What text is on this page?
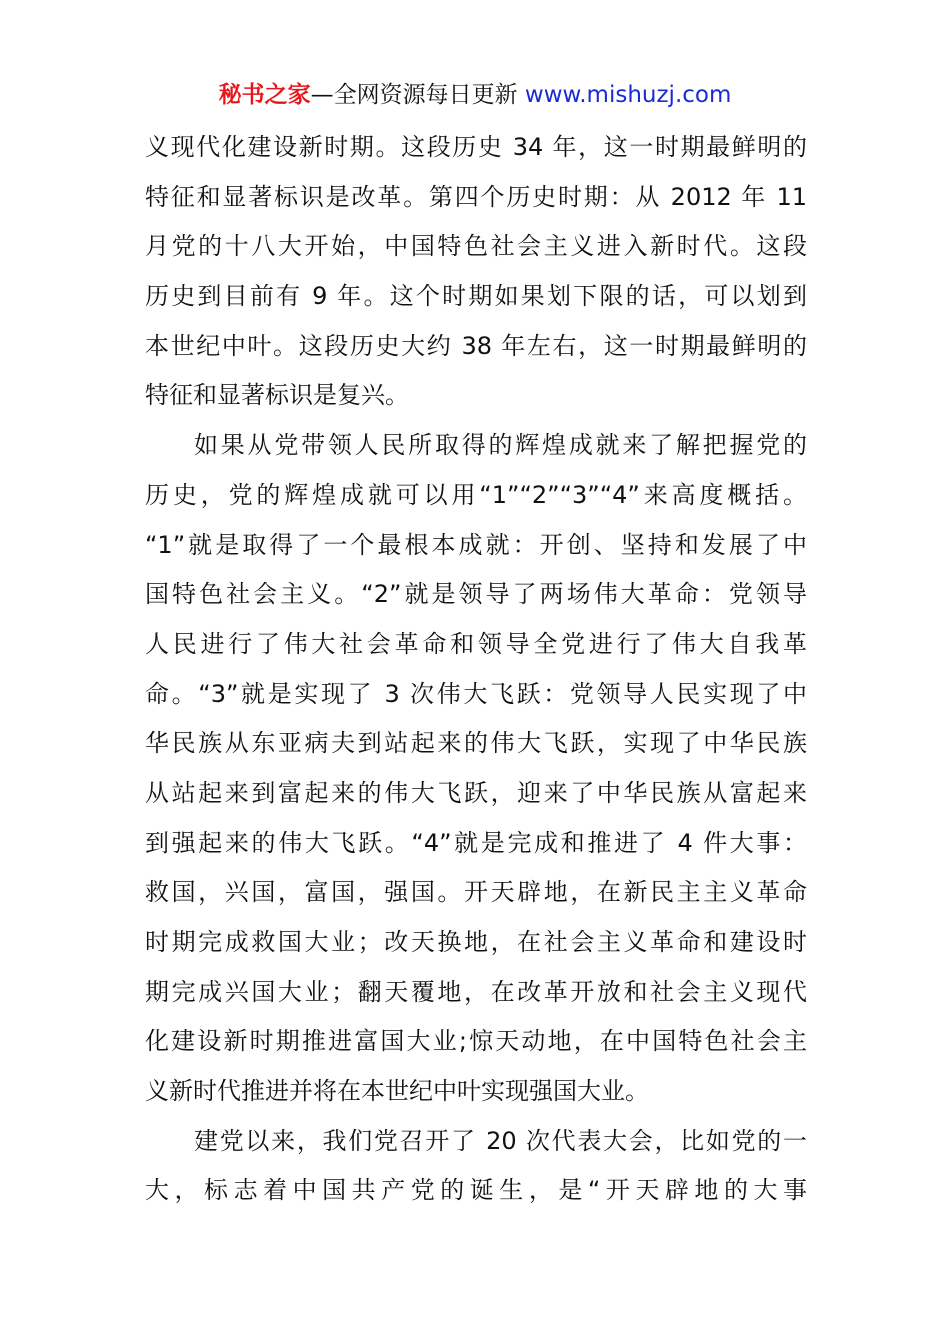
秘书之家—全网资源每日更新 www.mishuzj.com
义现代化建设新时期。这段历史 34 年，这一时期最鲜明的
特征和显著标识是改革。第四个历史时期：从 2012 年 11
月党的十八大开始，中国特色社会主义进入新时代。这段
历史到目前有 9 年。这个时期如果划下限的话，可以划到
本世纪中叶。这段历史大约 38 年左右，这一时期最鲜明的
特征和显著标识是复兴。
如果从党带领人民所取得的辉煌成就来了解把握党的
历史，党的辉煌成就可以用“1”“2”“3”“4”来高度概括。
“1”就是取得了一个最根本成就：开创、坚持和发展了中
国特色社会主义。“2”就是领导了两场伟大革命：党领导
人民进行了伟大社会革命和领导全党进行了伟大自我革
命。“3”就是实现了 3 次伟大飞跃：党领导人民实现了中
华民族从东亚病夫到站起来的伟大飞跃，实现了中华民族
从站起来到富起来的伟大飞跃，迎来了中华民族从富起来
到强起来的伟大飞跃。“4”就是完成和推进了 4 件大事：
救国，兴国，富国，强国。开天辟地，在新民主主义革命
时期完成救国大业；改天换地，在社会主义革命和建设时
期完成兴国大业；翻天覆地，在改革开放和社会主义现代
化建设新时期推进富国大业;惊天动地，在中国特色社会主
义新时代推进并将在本世纪中叶实现强国大业。
建党以来，我们党召开了 20 次代表大会，比如党的一
大，标志着中国共产党的诞生，是“开天辟地的大事
